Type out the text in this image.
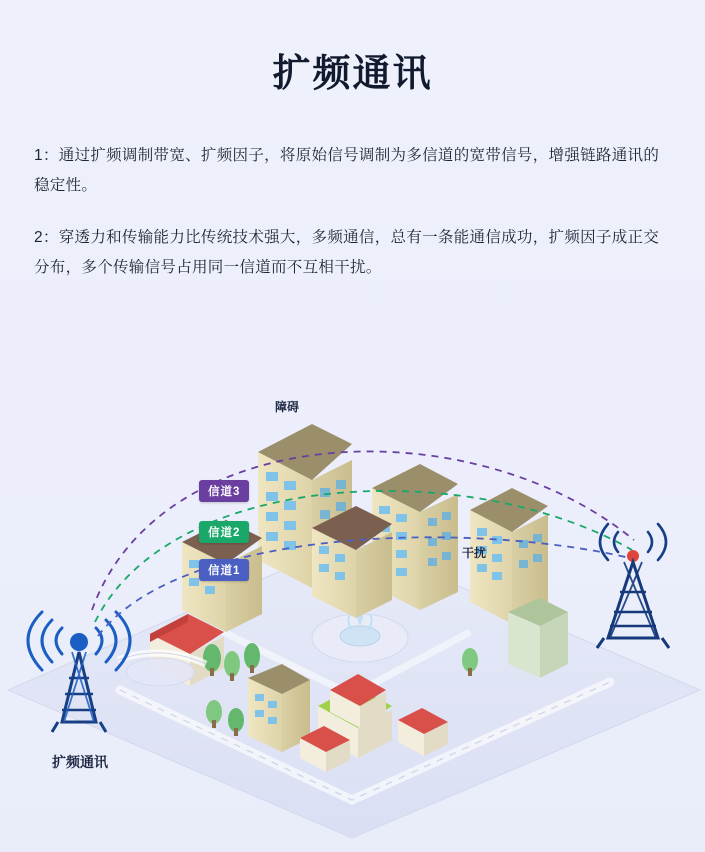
扩频通讯

1：通过扩频调制带宽、扩频因子，将原始信号调制为多信道的宽带信号，增强链路通讯的稳定性。

2：穿透力和传输能力比传统技术强大，多频通信，总有一条能通信成功，扩频因子成正交分布，多个传输信号占用同一信道而不互相干扰。

障碍
干扰
扩频通讯
信道3
信道2
信道1
